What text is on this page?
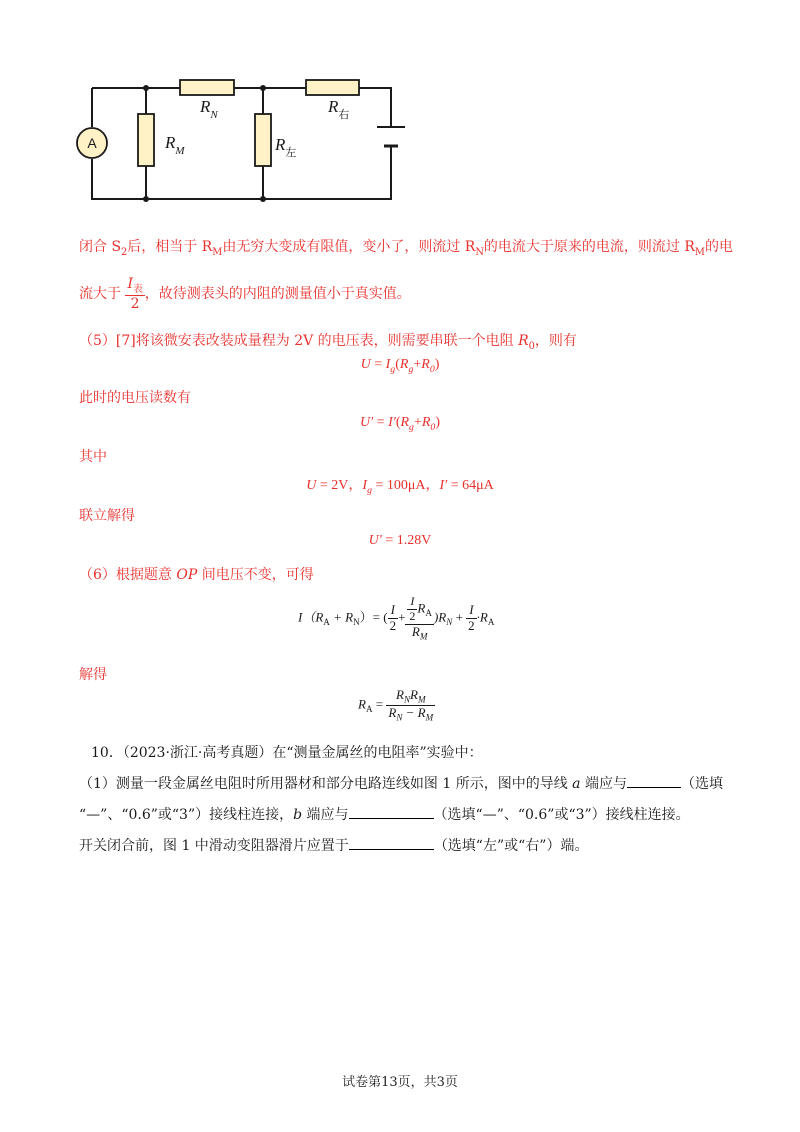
A
$R_N$
$R_M$	$R_左$
$R_右$
闭合 $S_2$后，相当于 $R_M$由无穷大变成有限值，变小了，则流过 $R_N$的电流大于原来的电流，则流过 $R_M$的电
流大于 $\frac{I_表}{2}$ ，故待测表头的内阻的测量值小于真实值。
（5）[7]将该微安表改装成量程为 2V 的电压表，则需要串联一个电阻 $R_0$，则有
$U = I_g(R_g+R_0)$
此时的电压读数有
$U' = I'(R_g+R_0)$
其中
U = 2V，$I_g = 100\mu A$，I′ = 64μA
联立解得
U′ = 1.28V
（6）根据题意 OP 间电压不变，可得
$I(R_A + R_N)=$ ( $\frac{I}{2} + \frac{\frac{I}{2} R_A}{R_M} )R_N + \frac{I}{2} \cdot R_A$
解得
$R_A = \frac{R_NR_M}{R_N - R_M}$
10．（2023·浙江·高考真题）在“测量金属丝的电阻率”实验中：
（1）测量一段金属丝电阻时所用器材和部分电路连线如图 1 所示，图中的导线 a 端应与	（选填
“—”、“0.6”或“3”）接线柱连接，b 端应与	（选填“—”、“0.6”或“3”）接线柱连接。
开关闭合前，图 1 中滑动变阻器滑片应置于	（选填“左”或“右”）端。
试卷第13页，共3页
